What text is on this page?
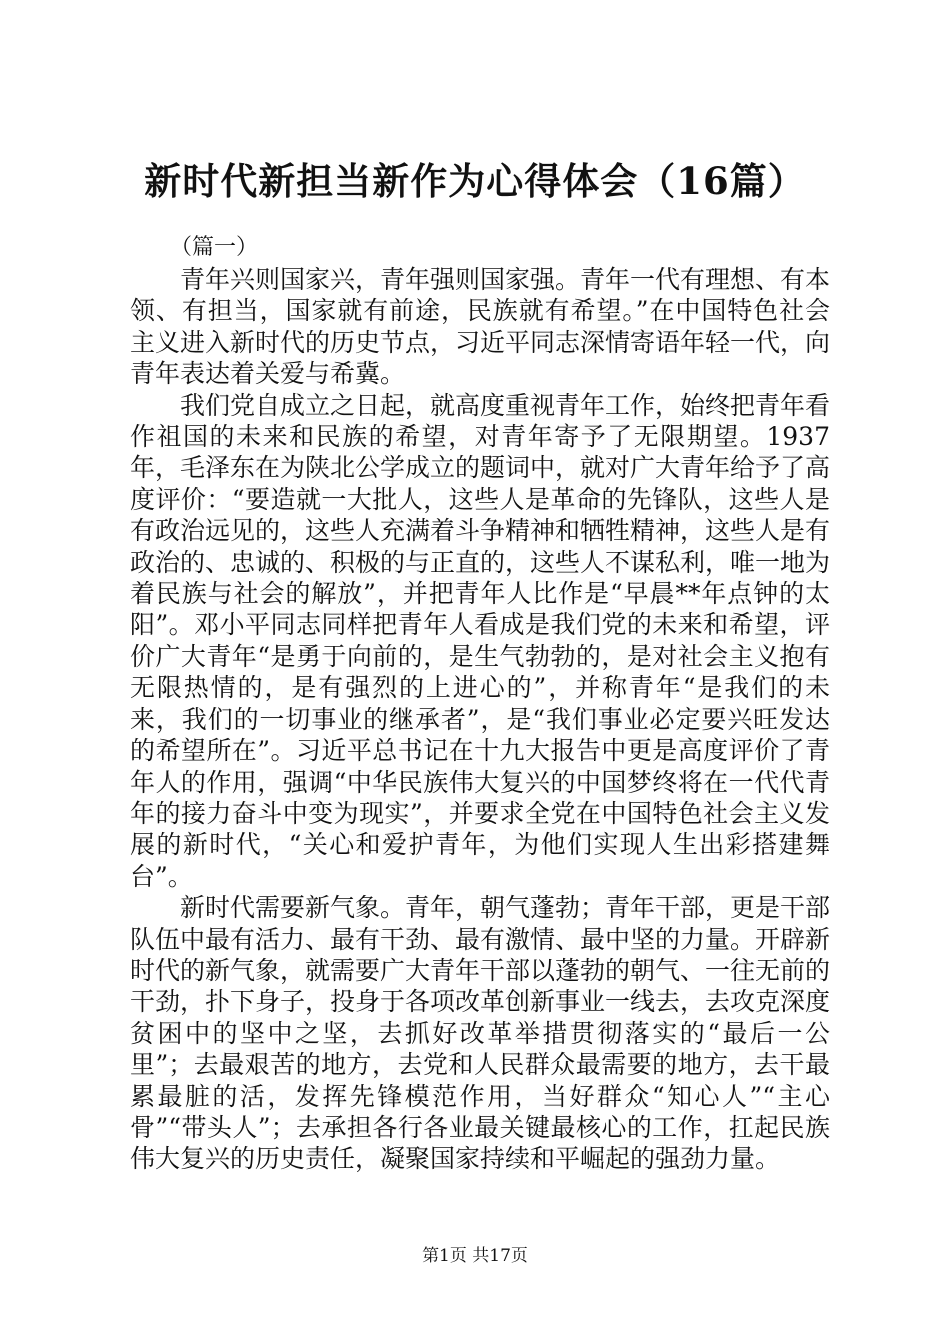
新时代新担当新作为心得体会（16篇）

（篇一）

青年兴则国家兴，青年强则国家强。青年一代有理想、有本领、有担当，国家就有前途，民族就有希望。”在中国特色社会主义进入新时代的历史节点，习近平同志深情寄语年轻一代，向青年表达着关爱与希冀。

我们党自成立之日起，就高度重视青年工作，始终把青年看作祖国的未来和民族的希望，对青年寄予了无限期望。1937年，毛泽东在为陕北公学成立的题词中，就对广大青年给予了高度评价：“要造就一大批人，这些人是革命的先锋队，这些人是有政治远见的，这些人充满着斗争精神和牺牲精神，这些人是有政治的、忠诚的、积极的与正直的，这些人不谋私利，唯一地为着民族与社会的解放”，并把青年人比作是“早晨**年点钟的太阳”。邓小平同志同样把青年人看成是我们党的未来和希望，评价广大青年“是勇于向前的，是生气勃勃的，是对社会主义抱有无限热情的，是有强烈的上进心的”，并称青年“是我们的未来，我们的一切事业的继承者”，是“我们事业必定要兴旺发达的希望所在”。习近平总书记在十九大报告中更是高度评价了青年人的作用，强调“中华民族伟大复兴的中国梦终将在一代代青年的接力奋斗中变为现实”，并要求全党在中国特色社会主义发展的新时代，“关心和爱护青年，为他们实现人生出彩搭建舞台”。

新时代需要新气象。青年，朝气蓬勃；青年干部，更是干部队伍中最有活力、最有干劲、最有激情、最中坚的力量。开辟新时代的新气象，就需要广大青年干部以蓬勃的朝气、一往无前的干劲，扑下身子，投身于各项改革创新事业一线去，去攻克深度贫困中的坚中之坚，去抓好改革举措贯彻落实的“最后一公里”；去最艰苦的地方，去党和人民群众最需要的地方，去干最累最脏的活，发挥先锋模范作用，当好群众“知心人”“主心骨”“带头人”；去承担各行各业最关键最核心的工作，扛起民族伟大复兴的历史责任，凝聚国家持续和平崛起的强劲力量。

第1页 共17页
